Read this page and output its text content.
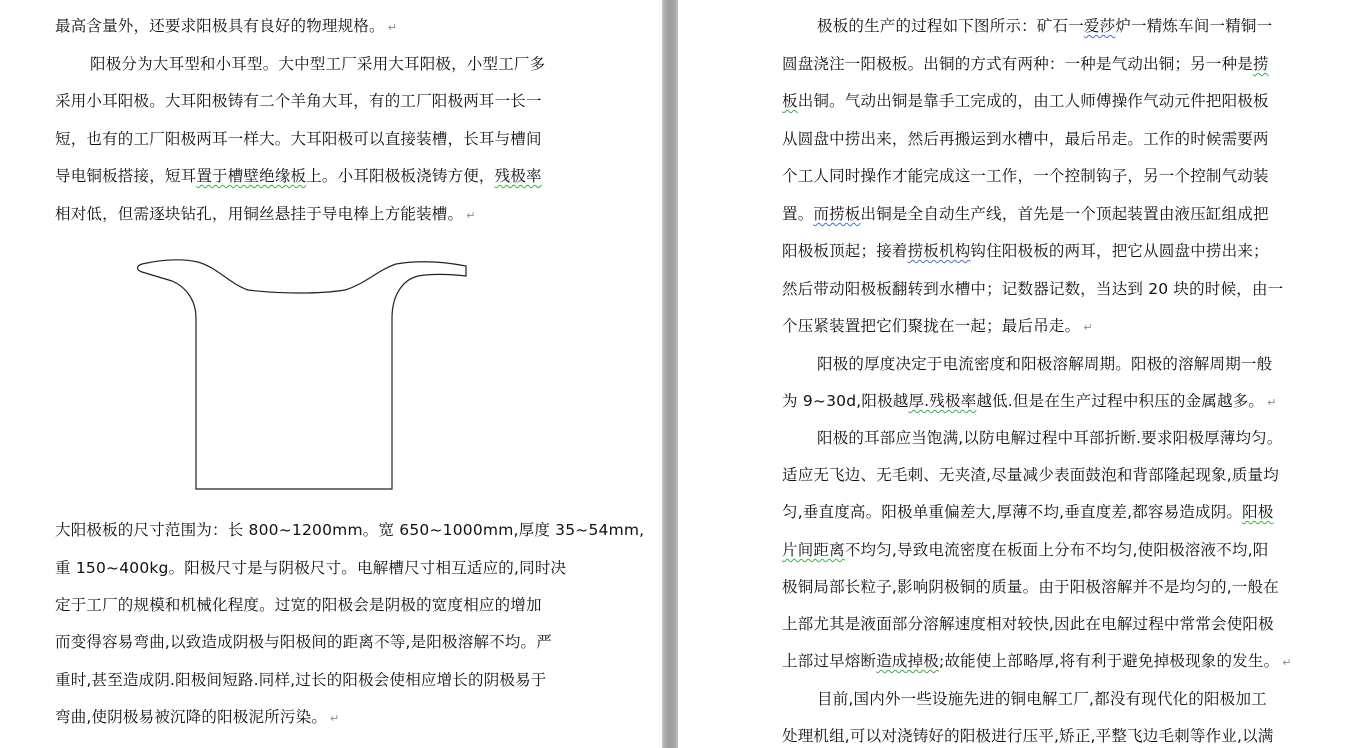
最高含量外，还要求阳极具有良好的物理规格。 ↵
阳极分为大耳型和小耳型。大中型工厂采用大耳阳极，小型工厂多
采用小耳阳极。大耳阳极铸有二个羊角大耳，有的工厂阳极两耳一长一
短，也有的工厂阳极两耳一样大。大耳阳极可以直接装槽，长耳与槽间
导电铜板搭接，短耳置于槽壁绝缘板上。小耳阳极板浇铸方便，残极率
相对低，但需逐块钻孔，用铜丝悬挂于导电棒上方能装槽。 ↵
大阳极板的尺寸范围为：长 800~1200mm。宽 650~1000mm,厚度 35~54mm,
重 150~400kg。阳极尺寸是与阴极尺寸。电解槽尺寸相互适应的,同时决
定于工厂的规模和机械化程度。过宽的阳极会是阴极的宽度相应的增加
而变得容易弯曲,以致造成阴极与阳极间的距离不等,是阳极溶解不均。严
重时,甚至造成阴.阳极间短路.同样,过长的阳极会使相应增长的阴极易于
弯曲,使阴极易被沉降的阳极泥所污染。 ↵
极板的生产的过程如下图所示：矿石一爱莎炉一精炼车间一精铜一
圆盘浇注一阳极板。出铜的方式有两种：一种是气动出铜；另一种是捞
板出铜。气动出铜是靠手工完成的，由工人师傅操作气动元件把阳极板
从圆盘中捞出来，然后再搬运到水槽中，最后吊走。工作的时候需要两
个工人同时操作才能完成这一工作，一个控制钩子，另一个控制气动装
置。而捞板出铜是全自动生产线，首先是一个顶起装置由液压缸组成把
阳极板顶起；接着捞板机构钩住阳极板的两耳，把它从圆盘中捞出来；
然后带动阳极板翻转到水槽中；记数器记数，当达到 20 块的时候，由一
个压紧装置把它们聚拢在一起；最后吊走。 ↵
阳极的厚度决定于电流密度和阳极溶解周期。阳极的溶解周期一般
为 9~30d,阳极越厚.残极率越低.但是在生产过程中积压的金属越多。 ↵
阳极的耳部应当饱满,以防电解过程中耳部折断.要求阳极厚薄均匀。
适应无飞边、无毛刺、无夹渣,尽量减少表面鼓泡和背部隆起现象,质量均
匀,垂直度高。阳极单重偏差大,厚薄不均,垂直度差,都容易造成阴。阳极
片间距离不均匀,导致电流密度在板面上分布不均匀,使阳极溶液不均,阳
极铜局部长粒子,影响阴极铜的质量。由于阳极溶解并不是均匀的,一般在
上部尤其是液面部分溶解速度相对较快,因此在电解过程中常常会使阳极
上部过早熔断造成掉极;故能使上部略厚,将有利于避免掉极现象的发生。 ↵
目前,国内外一些设施先进的铜电解工厂,都没有现代化的阳极加工
处理机组,可以对浇铸好的阳极进行压平,矫正,平整飞边毛刺等作业,以满
